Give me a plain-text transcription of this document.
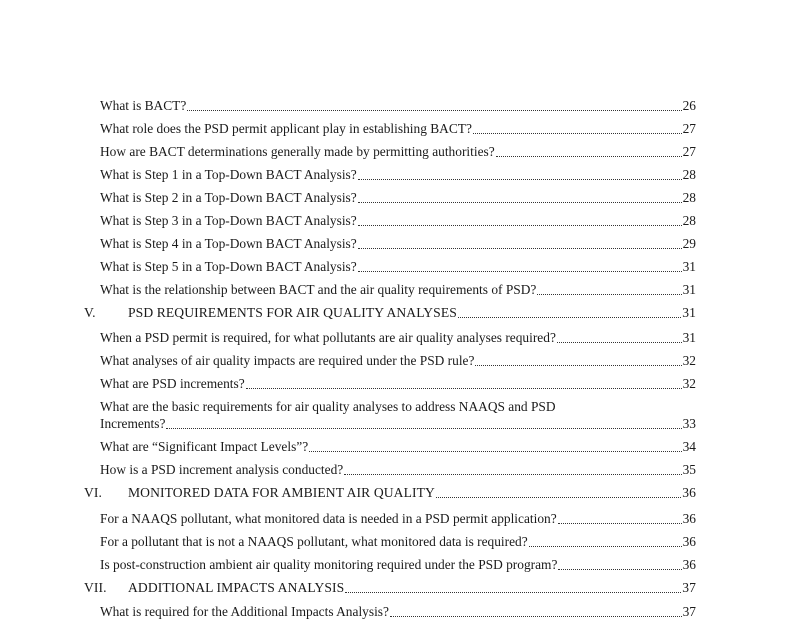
What is BACT?	26
What role does the PSD permit applicant play in establishing BACT?	27
How are BACT determinations generally made by permitting authorities?	27
What is Step 1 in a Top-Down BACT Analysis?	28
What is Step 2 in a Top-Down BACT Analysis?	28
What is Step 3 in a Top-Down BACT Analysis?	28
What is Step 4 in a Top-Down BACT Analysis?	29
What is Step 5 in a Top-Down BACT Analysis?	31
What is the relationship between BACT and the air quality requirements of PSD?	31
V. PSD REQUIREMENTS FOR AIR QUALITY ANALYSES	31
When a PSD permit is required, for what pollutants are air quality analyses required?	31
What analyses of air quality impacts are required under the PSD rule?	32
What are PSD increments?	32
What are the basic requirements for air quality analyses to address NAAQS and PSD
Increments?	33
What are “Significant Impact Levels”?	34
How is a PSD increment analysis conducted?	35
VI. MONITORED DATA FOR AMBIENT AIR QUALITY	36
For a NAAQS pollutant, what monitored data is needed in a PSD permit application?	36
For a pollutant that is not a NAAQS pollutant, what monitored data is required?	36
Is post-construction ambient air quality monitoring required under the PSD program?	36
VII. ADDITIONAL IMPACTS ANALYSIS	37
What is required for the Additional Impacts Analysis?	37
